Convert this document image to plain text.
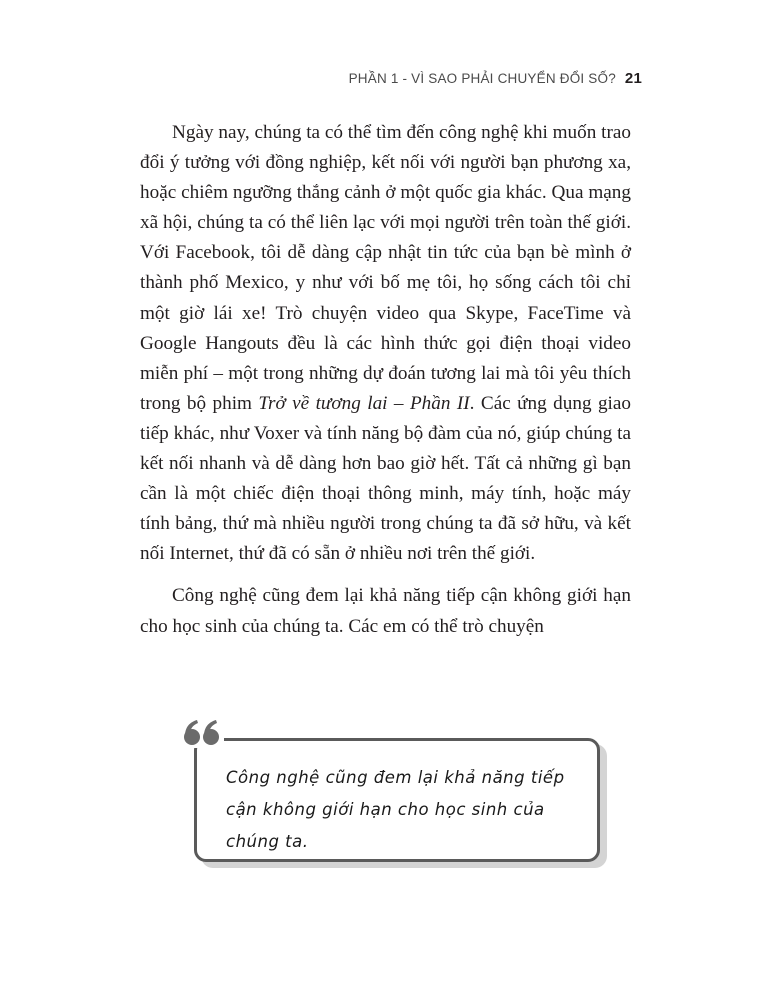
PHẦN 1 - VÌ SAO PHẢI CHUYỂN ĐỔI SỐ? 21

Ngày nay, chúng ta có thể tìm đến công nghệ khi muốn trao đổi ý tưởng với đồng nghiệp, kết nối với người bạn phương xa, hoặc chiêm ngưỡng thắng cảnh ở một quốc gia khác. Qua mạng xã hội, chúng ta có thể liên lạc với mọi người trên toàn thế giới. Với Facebook, tôi dễ dàng cập nhật tin tức của bạn bè mình ở thành phố Mexico, y như với bố mẹ tôi, họ sống cách tôi chỉ một giờ lái xe! Trò chuyện video qua Skype, FaceTime và Google Hangouts đều là các hình thức gọi điện thoại video miễn phí – một trong những dự đoán tương lai mà tôi yêu thích trong bộ phim Trở về tương lai – Phần II. Các ứng dụng giao tiếp khác, như Voxer và tính năng bộ đàm của nó, giúp chúng ta kết nối nhanh và dễ dàng hơn bao giờ hết. Tất cả những gì bạn cần là một chiếc điện thoại thông minh, máy tính, hoặc máy tính bảng, thứ mà nhiều người trong chúng ta đã sở hữu, và kết nối Internet, thứ đã có sẵn ở nhiều nơi trên thế giới.

Công nghệ cũng đem lại khả năng tiếp cận không giới hạn cho học sinh của chúng ta. Các em có thể trò chuyện

Công nghệ cũng đem lại khả năng tiếp cận không giới hạn cho học sinh của chúng ta.
